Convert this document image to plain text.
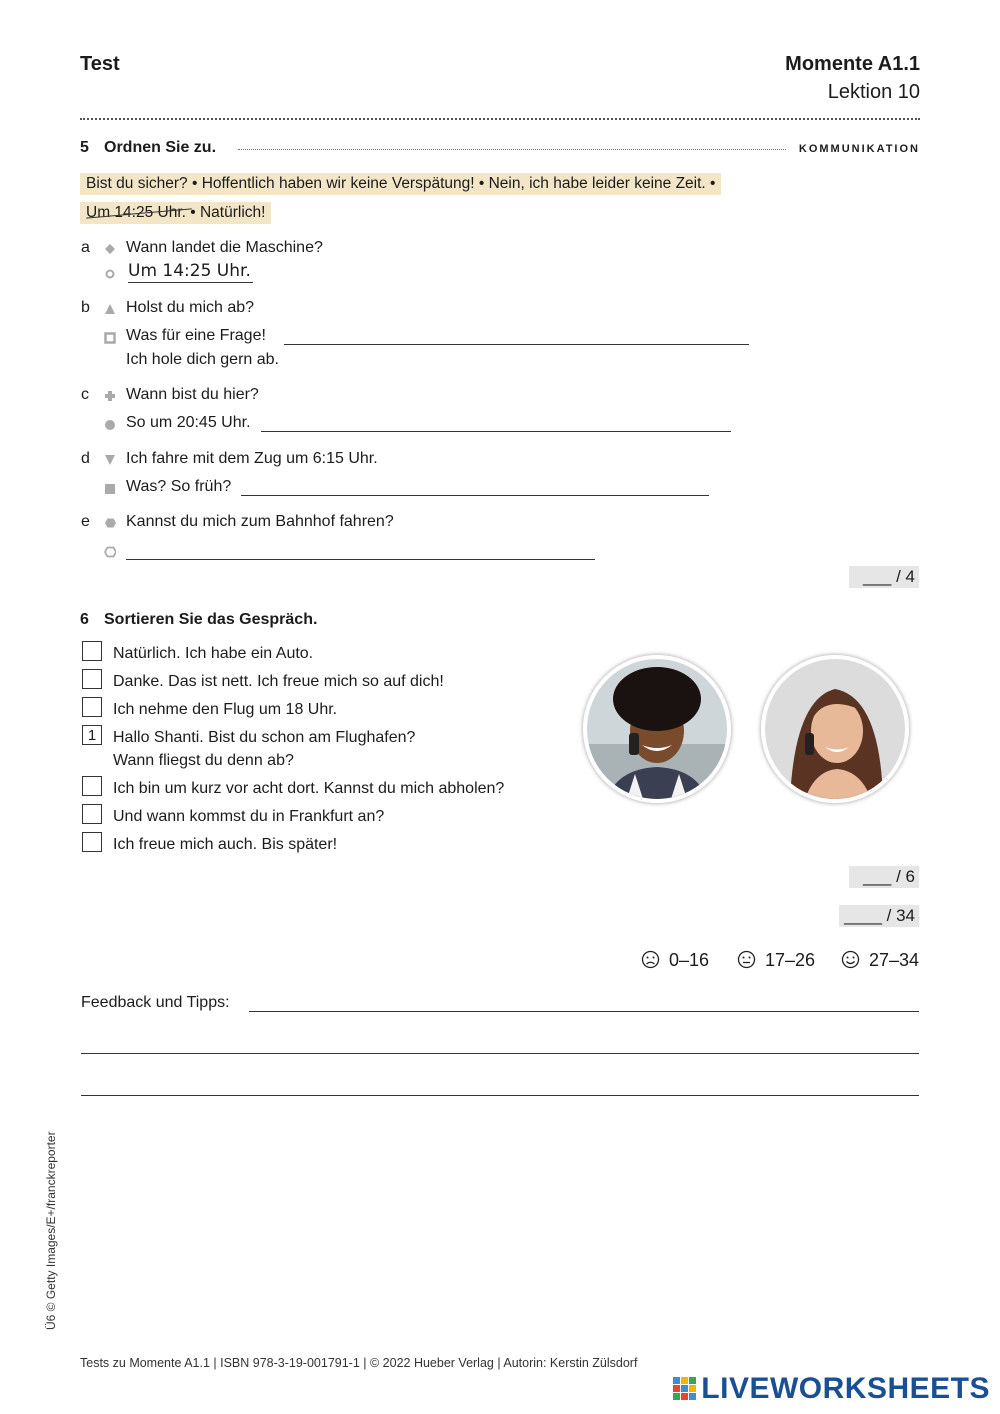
Test	Momente A1.1
Lektion 10
5 Ordnen Sie zu.	KOMMUNIKATION
Bist du sicher? • Hoffentlich haben wir keine Verspätung! • Nein, ich habe leider keine Zeit. •
Um 14:25 Uhr. • Natürlich!
a	Wann landet die Maschine?
Um 14:25 Uhr.
b	Holst du mich ab?
Was für eine Frage!
Ich hole dich gern ab.
c	Wann bist du hier?
So um 20:45 Uhr.
d	Ich fahre mit dem Zug um 6:15 Uhr.
Was? So früh?
e	Kannst du mich zum Bahnhof fahren?
___ / 4
6 Sortieren Sie das Gespräch.
Natürlich. Ich habe ein Auto.
Danke. Das ist nett. Ich freue mich so auf dich!
Ich nehme den Flug um 18 Uhr.
1	Hallo Shanti. Bist du schon am Flughafen?
Wann fliegst du denn ab?
Ich bin um kurz vor acht dort. Kannst du mich abholen?
Und wann kommst du in Frankfurt an?
Ich freue mich auch. Bis später!
___ / 6
____ / 34
0–16	17–26	27–34
Feedback und Tipps:
Ü6 © Getty Images/E+/franckreporter
Tests zu Momente A1.1 | ISBN 978-3-19-001791-1 | © 2022 Hueber Verlag | Autorin: Kerstin Zülsdorf
LIVEWORKSHEETS
